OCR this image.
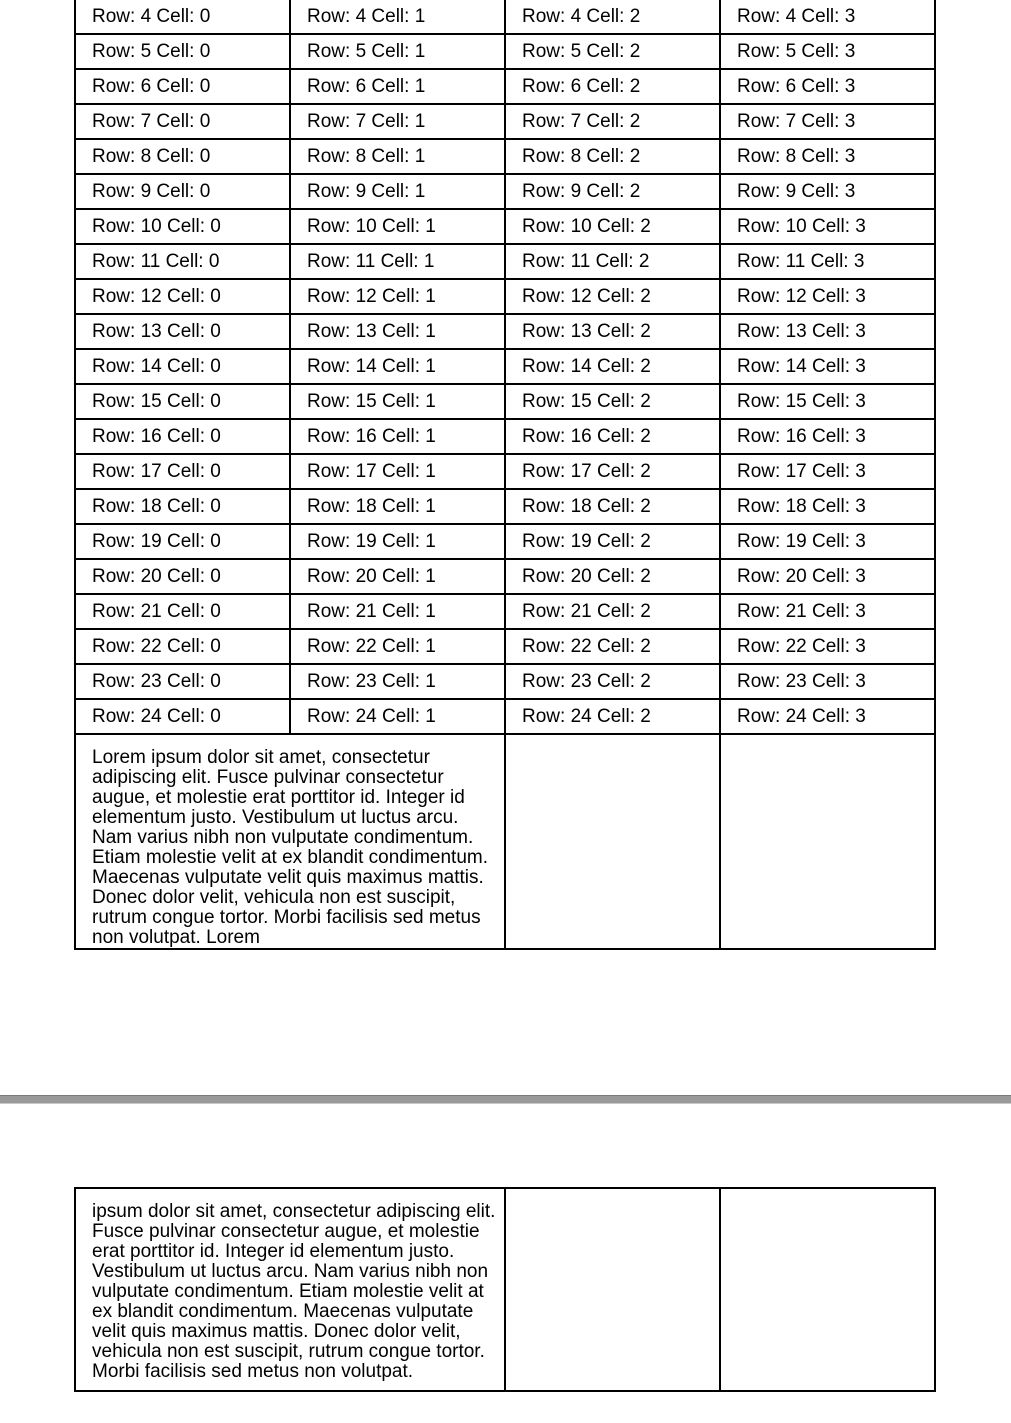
Row: 4 Cell: 0	Row: 4 Cell: 1	Row: 4 Cell: 2	Row: 4 Cell: 3
Row: 5 Cell: 0	Row: 5 Cell: 1	Row: 5 Cell: 2	Row: 5 Cell: 3
Row: 6 Cell: 0	Row: 6 Cell: 1	Row: 6 Cell: 2	Row: 6 Cell: 3
Row: 7 Cell: 0	Row: 7 Cell: 1	Row: 7 Cell: 2	Row: 7 Cell: 3
Row: 8 Cell: 0	Row: 8 Cell: 1	Row: 8 Cell: 2	Row: 8 Cell: 3
Row: 9 Cell: 0	Row: 9 Cell: 1	Row: 9 Cell: 2	Row: 9 Cell: 3
Row: 10 Cell: 0	Row: 10 Cell: 1	Row: 10 Cell: 2	Row: 10 Cell: 3
Row: 11 Cell: 0	Row: 11 Cell: 1	Row: 11 Cell: 2	Row: 11 Cell: 3
Row: 12 Cell: 0	Row: 12 Cell: 1	Row: 12 Cell: 2	Row: 12 Cell: 3
Row: 13 Cell: 0	Row: 13 Cell: 1	Row: 13 Cell: 2	Row: 13 Cell: 3
Row: 14 Cell: 0	Row: 14 Cell: 1	Row: 14 Cell: 2	Row: 14 Cell: 3
Row: 15 Cell: 0	Row: 15 Cell: 1	Row: 15 Cell: 2	Row: 15 Cell: 3
Row: 16 Cell: 0	Row: 16 Cell: 1	Row: 16 Cell: 2	Row: 16 Cell: 3
Row: 17 Cell: 0	Row: 17 Cell: 1	Row: 17 Cell: 2	Row: 17 Cell: 3
Row: 18 Cell: 0	Row: 18 Cell: 1	Row: 18 Cell: 2	Row: 18 Cell: 3
Row: 19 Cell: 0	Row: 19 Cell: 1	Row: 19 Cell: 2	Row: 19 Cell: 3
Row: 20 Cell: 0	Row: 20 Cell: 1	Row: 20 Cell: 2	Row: 20 Cell: 3
Row: 21 Cell: 0	Row: 21 Cell: 1	Row: 21 Cell: 2	Row: 21 Cell: 3
Row: 22 Cell: 0	Row: 22 Cell: 1	Row: 22 Cell: 2	Row: 22 Cell: 3
Row: 23 Cell: 0	Row: 23 Cell: 1	Row: 23 Cell: 2	Row: 23 Cell: 3
Row: 24 Cell: 0	Row: 24 Cell: 1	Row: 24 Cell: 2	Row: 24 Cell: 3
Lorem ipsum dolor sit amet, consectetur adipiscing elit. Fusce pulvinar consectetur augue, et molestie erat porttitor id. Integer id elementum justo. Vestibulum ut luctus arcu. Nam varius nibh non vulputate condimentum. Etiam molestie velit at ex blandit condimentum. Maecenas vulputate velit quis maximus mattis. Donec dolor velit, vehicula non est suscipit, rutrum congue tortor. Morbi facilisis sed metus non volutpat. Lorem			
ipsum dolor sit amet, consectetur adipiscing elit. Fusce pulvinar consectetur augue, et molestie erat porttitor id. Integer id elementum justo. Vestibulum ut luctus arcu. Nam varius nibh non vulputate condimentum. Etiam molestie velit at ex blandit condimentum. Maecenas vulputate velit quis maximus mattis. Donec dolor velit, vehicula non est suscipit, rutrum congue tortor. Morbi facilisis sed metus non volutpat.		
